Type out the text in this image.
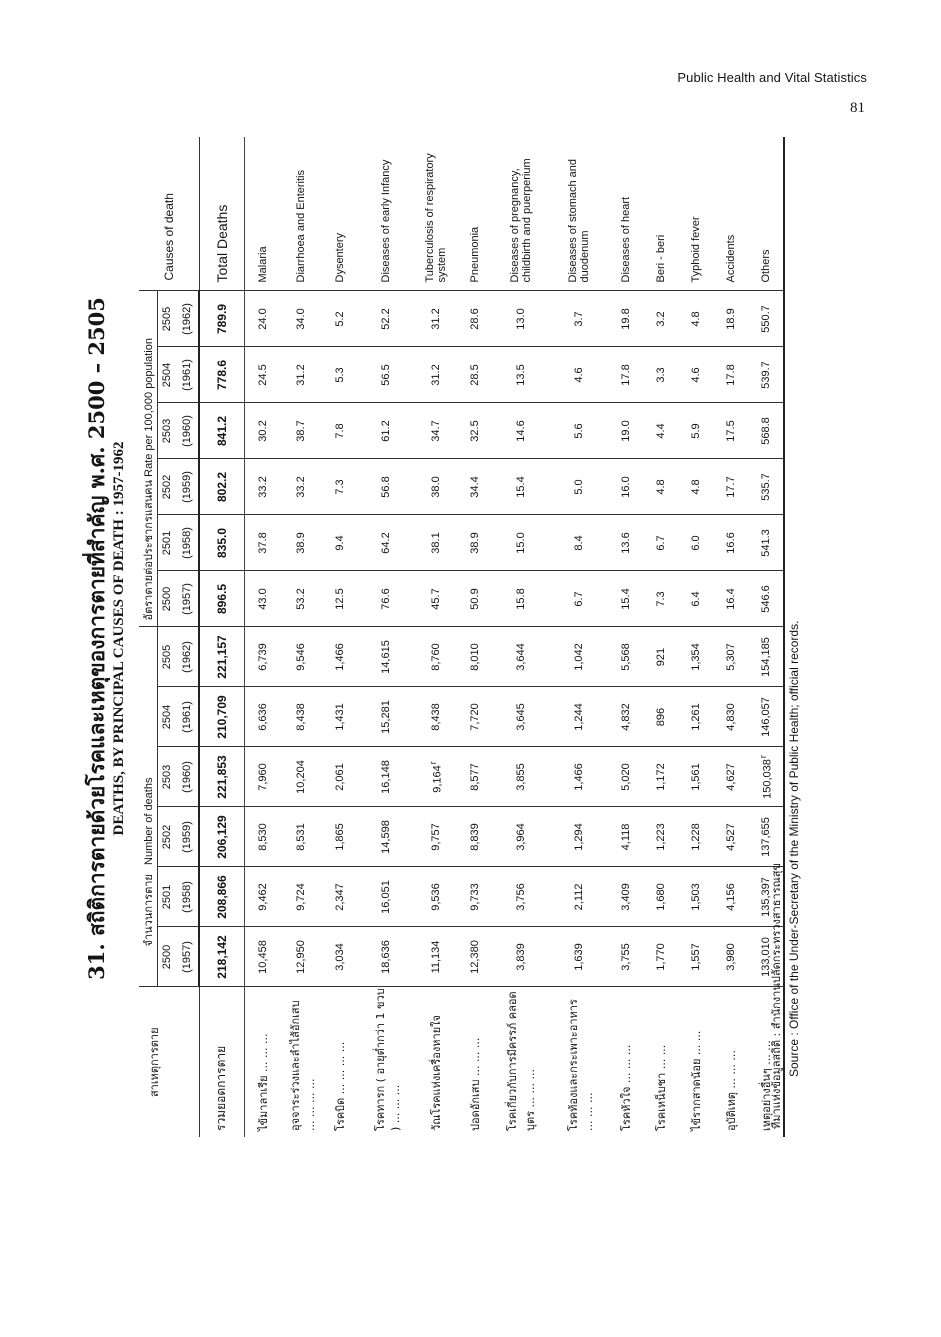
Public Health and Vital Statistics
81
31. สถิติการตายด้วยโรคและเหตุของการตายที่สำคัญ พ.ศ. 2500 – 2505 DEATHS, BY PRINCIPAL CAUSES OF DEATH : 1957-1962
สาเหตุการตาย	จำนวนการตาย   Number of deaths						อัตราตายต่อประชากรแสนคน Rate per 100,000 population						Causes of death
	2500	2501	2502	2503	2504	2505	2500	2501	2502	2503	2504	2505	
	(1957)	(1958)	(1959)	(1960)	(1961)	(1962)	(1957)	(1958)	(1959)	(1960)	(1961)	(1962)	
รวมยอดการตาย	218,142	208,866	206,129	221,853	210,709	221,157	896.5	835.0	802.2	841.2	778.6	789.9	Total Deaths
ไข้มาลาเรีย ... ... ...	10,458	9,462	8,530	7,960	6,636	6,739	43.0	37.8	33.2	30.2	24.5	24.0	Malaria
อุจจาระร่วงและลำไส้อักเสบ ... ... ... ...	12,950	9,724	8,531	10,204	8,438	9,546	53.2	38.9	33.2	38.7	31.2	34.0	Diarrhoea and Enteritis
โรคบิด ... ... ... ...	3,034	2,347	1,865	2,061	1,431	1,466	12.5	9.4	7.3	7.8	5.3	5.2	Dysentery
โรคทารก ( อายุต่ำกว่า 1 ขวบ ) ... ... ...	18,636	16,051	14,598	16,148	15,281	14,615	76.6	64.2	56.8	61.2	56.5	52.2	Diseases of early Infancy
วัณโรคแห่งเครื่องหายใจ	11,134	9,536	9,757	9,164$^r$	8,438	8,760	45.7	38.1	38.0	34.7	31.2	31.2	Tuberculosis of respiratory system
ปอดอักเสบ ... ... ...	12,380	9,733	8,839	8,577	7,720	8,010	50.9	38.9	34.4	32.5	28.5	28.6	Pneumonia
โรคเกี่ยวกับการมีครรภ์ คลอดบุตร ... ... ...	3,839	3,756	3,964	3,855	3,645	3,644	15.8	15.0	15.4	14.6	13.5	13.0	Diseases of pregnancy, childbirth and puerperium
โรคท้องและกระเพาะอาหาร ... ... ...	1,639	2,112	1,294	1,466	1,244	1,042	6.7	8.4	5.0	5.6	4.6	3.7	Diseases of stomach and duodenum
โรคหัวใจ ... ... ...	3,755	3,409	4,118	5,020	4,832	5,568	15.4	13.6	16.0	19.0	17.8	19.8	Diseases of heart
โรคเหน็บชา ... ...	1,770	1,680	1,223	1,172	896	921	7.3	6.7	4.8	4.4	3.3	3.2	Beri - beri
ไข้รากสาดน้อย ... ...	1,557	1,503	1,228	1,561	1,261	1,354	6.4	6.0	4.8	5.9	4.6	4.8	Typhoid fever
อุบัติเหตุ ... ... ...	3,980	4,156	4,527	4,627	4,830	5,307	16.4	16.6	17.7	17.5	17.8	18.9	Accidents
เหตุอย่างอื่นๆ ... ...	133,010	135,397	137,655	150,038$^r$	146,057	154,185	546.6	541.3	535.7	568.8	539.7	550.7	Others

ที่มาแห่งข้อมูลสถิติ : สำนักงานปลัดกระทรวงสาธารณสุข Source : Office of the Under-Secretary of the Ministry of Public Health; official records.
